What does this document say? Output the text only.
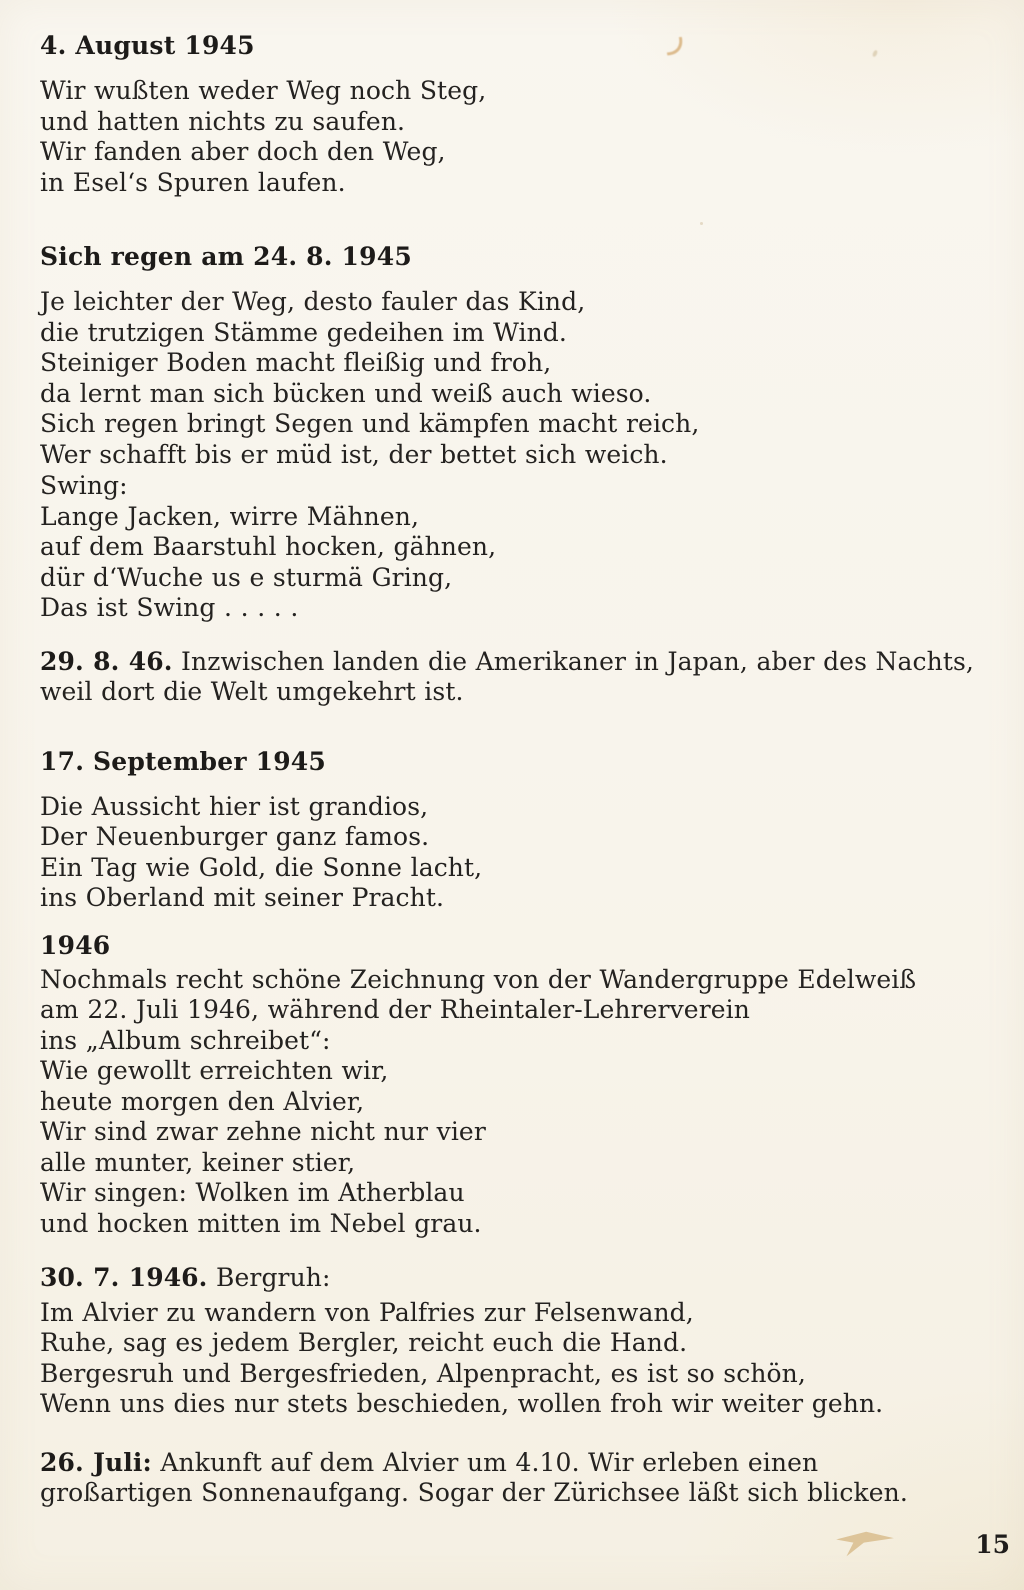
4. August 1945
Wir wußten weder Weg noch Steg,
und hatten nichts zu saufen.
Wir fanden aber doch den Weg,
in Esel‘s Spuren laufen.
Sich regen am 24. 8. 1945
Je leichter der Weg, desto fauler das Kind,
die trutzigen Stämme gedeihen im Wind.
Steiniger Boden macht fleißig und froh,
da lernt man sich bücken und weiß auch wieso.
Sich regen bringt Segen und kämpfen macht reich,
Wer schafft bis er müd ist, der bettet sich weich.
Swing:
Lange Jacken, wirre Mähnen,
auf dem Baarstuhl hocken, gähnen,
dür d‘Wuche us e sturmä Gring,
Das ist Swing . . . . .
29. 8. 46. Inzwischen landen die Amerikaner in Japan, aber des Nachts,
weil dort die Welt umgekehrt ist.
17. September 1945
Die Aussicht hier ist grandios,
Der Neuenburger ganz famos.
Ein Tag wie Gold, die Sonne lacht,
ins Oberland mit seiner Pracht.
1946
Nochmals recht schöne Zeichnung von der Wandergruppe Edelweiß
am 22. Juli 1946, während der Rheintaler-Lehrerverein
ins „Album schreibet“:
Wie gewollt erreichten wir,
heute morgen den Alvier,
Wir sind zwar zehne nicht nur vier
alle munter, keiner stier,
Wir singen: Wolken im Atherblau
und hocken mitten im Nebel grau.
30. 7. 1946. Bergruh:
Im Alvier zu wandern von Palfries zur Felsenwand,
Ruhe, sag es jedem Bergler, reicht euch die Hand.
Bergesruh und Bergesfrieden, Alpenpracht, es ist so schön,
Wenn uns dies nur stets beschieden, wollen froh wir weiter gehn.
26. Juli: Ankunft auf dem Alvier um 4.10. Wir erleben einen
großartigen Sonnenaufgang. Sogar der Zürichsee läßt sich blicken.
15
